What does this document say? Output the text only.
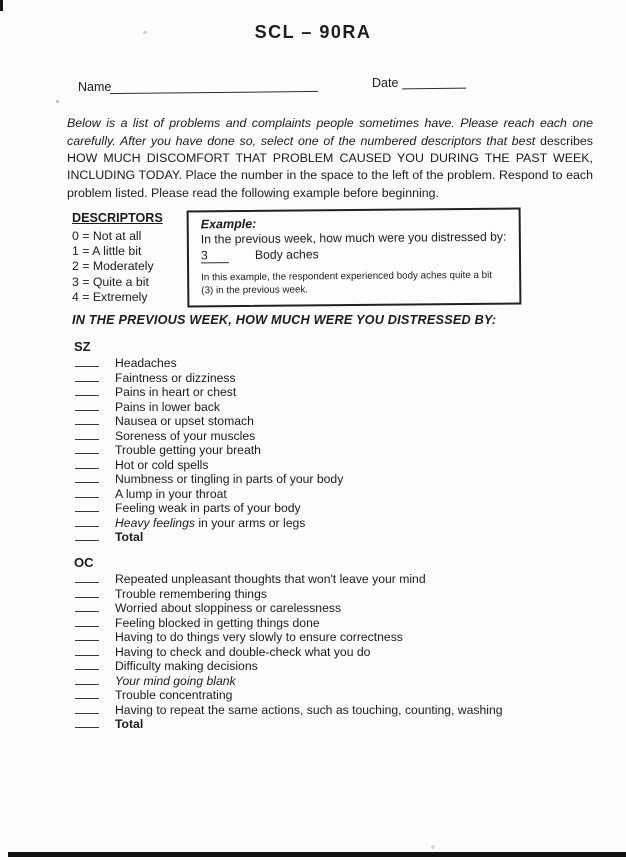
SCL – 90RA
Name	Date

Below is a list of problems and complaints people sometimes have. Please reach each one carefully. After you have done so, select one of the numbered descriptors that best describes HOW MUCH DISCOMFORT THAT PROBLEM CAUSED YOU DURING THE PAST WEEK, INCLUDING TODAY. Place the number in the space to the left of the problem. Respond to each problem listed. Please read the following example before beginning.

DESCRIPTORS
0 = Not at all
1 = A little bit
2 = Moderately
3 = Quite a bit
4 = Extremely
Example:
In the previous week, how much were you distressed by:
3	Body aches
In this example, the respondent experienced body aches quite a bit (3) in the previous week.
IN THE PREVIOUS WEEK, HOW MUCH WERE YOU DISTRESSED BY:
SZ
Headaches
Faintness or dizziness
Pains in heart or chest
Pains in lower back
Nausea or upset stomach
Soreness of your muscles
Trouble getting your breath
Hot or cold spells
Numbness or tingling in parts of your body
A lump in your throat
Feeling weak in parts of your body
Heavy feelings in your arms or legs
Total
OC
Repeated unpleasant thoughts that won't leave your mind
Trouble remembering things
Worried about sloppiness or carelessness
Feeling blocked in getting things done
Having to do things very slowly to ensure correctness
Having to check and double-check what you do
Difficulty making decisions
Your mind going blank
Trouble concentrating
Having to repeat the same actions, such as touching, counting, washing
Total
